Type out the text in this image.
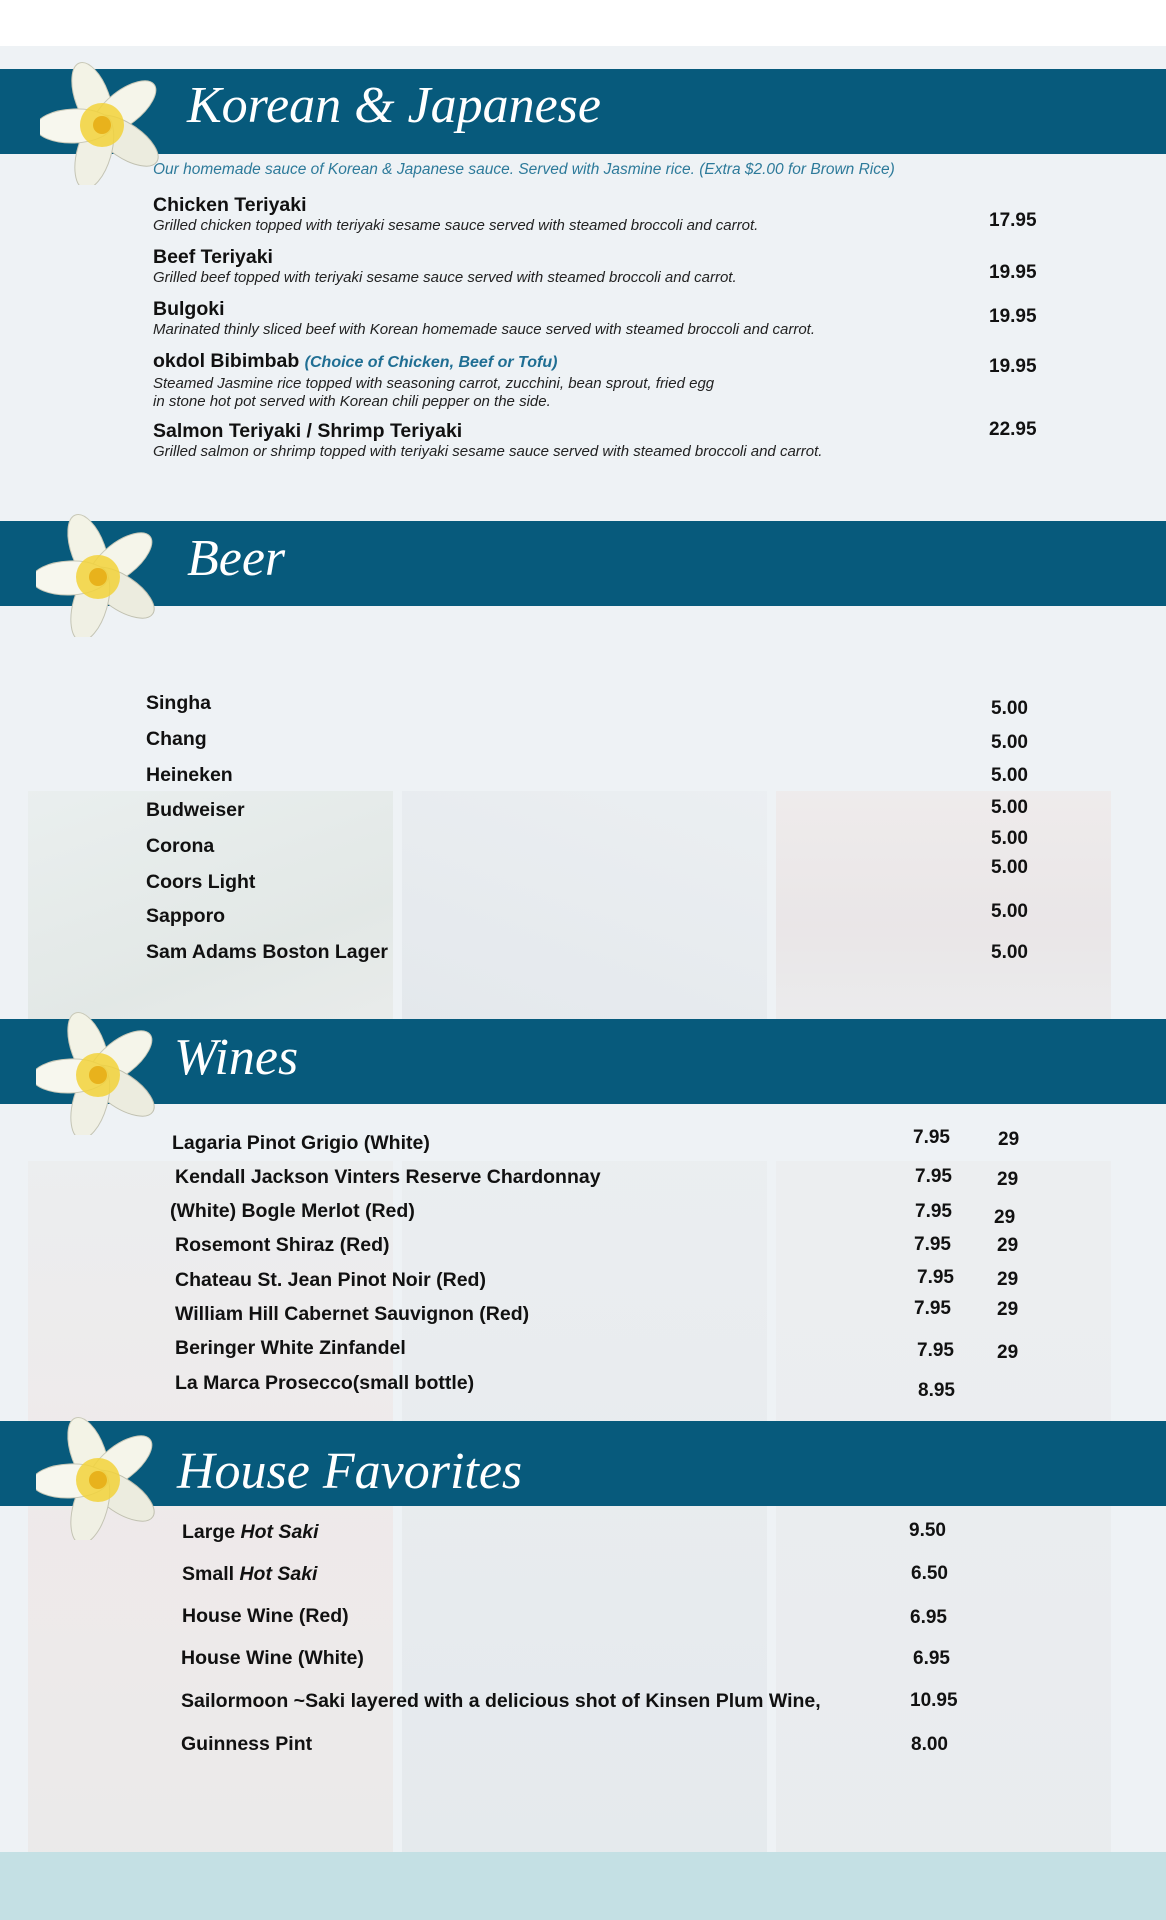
Korean & Japanese
Our homemade sauce of Korean & Japanese sauce. Served with Jasmine rice. (Extra $2.00 for Brown Rice)
Chicken Teriyaki
Grilled chicken topped with teriyaki sesame sauce served with steamed broccoli and carrot.	17.95
Beef Teriyaki
Grilled beef topped with teriyaki sesame sauce served with steamed broccoli and carrot.	19.95
Bulgoki
Marinated thinly sliced beef with Korean homemade sauce served with steamed broccoli and carrot.
19.95
okdol Bibimbab (Choice of Chicken, Beef or Tofu)
Steamed Jasmine rice topped with seasoning carrot, zucchini, bean sprout, fried egg
in stone hot pot served with Korean chili pepper on the side.
19.95
Salmon Teriyaki / Shrimp Teriyaki
Grilled salmon or shrimp topped with teriyaki sesame sauce served with steamed broccoli and carrot.
22.95
Beer
Singha	5.00
Chang	5.00
Heineken	5.00
Budweiser	5.00
Corona	5.00
Coors Light
5.00
Sapporo	5.00
Sam Adams Boston Lager	5.00
Wines
Lagaria Pinot Grigio (White)	7.95	29
Kendall Jackson Vinters Reserve Chardonnay	7.95 29
(White) Bogle Merlot (Red)	7.95 29
Rosemont Shiraz (Red)	7.95 29
Chateau St. Jean Pinot Noir (Red)	7.95 29
William Hill Cabernet Sauvignon (Red)	7.95 29
Beringer White Zinfandel	7.95 29
La Marca Prosecco(small bottle)	8.95
House Favorites
Large Hot Saki	9.50
Small Hot Saki	6.50
House Wine (Red)	6.95
House Wine (White)	6.95
Sailormoon ~Saki layered with a delicious shot of Kinsen Plum Wine,	10.95
Guinness Pint	8.00
